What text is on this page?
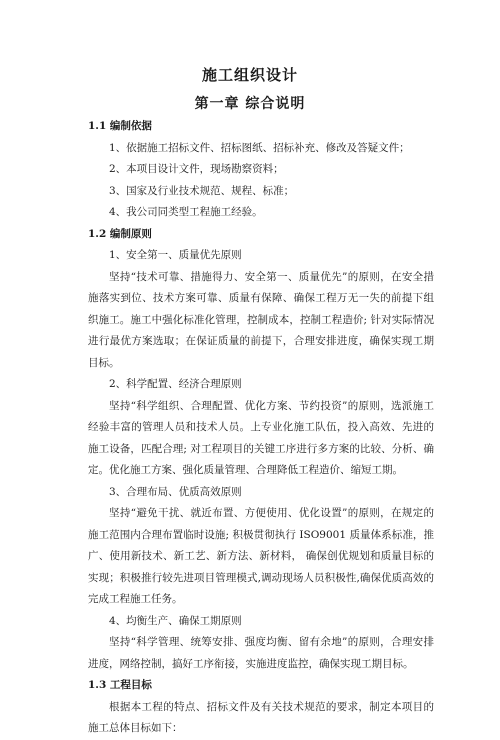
施工组织设计
第一章 综合说明
1.1 编制依据
1、依据施工招标文件、招标图纸、招标补充、修改及答疑文件；
2、本项目设计文件，现场勘察资料；
3、国家及行业技术规范、规程、标准；
4、我公司同类型工程施工经验。
1.2 编制原则
1、安全第一、质量优先原则
坚持“技术可靠、措施得力、安全第一、质量优先”的原则，在安全措施落实到位、技术方案可靠、质量有保障、确保工程万无一失的前提下组织施工。施工中强化标准化管理，控制成本，控制工程造价; 针对实际情况进行最优方案选取；在保证质量的前提下，合理安排进度，确保实现工期目标。
2、科学配置、经济合理原则
坚持“科学组织、合理配置、优化方案、节约投资”的原则，选派施工经验丰富的管理人员和技术人员。上专业化施工队伍，投入高效、先进的施工设备，匹配合理; 对工程项目的关键工序进行多方案的比较、分析、确定。优化施工方案、强化质量管理、合理降低工程造价、缩短工期。
3、合理布局、优质高效原则
坚持“避免干扰、就近布置、方便使用、优化设置”的原则，在规定的施工范围内合理布置临时设施; 积极贯彻执行 ISO9001 质量体系标准，推广、使用新技术、新工艺、新方法、新材料， 确保创优规划和质量目标的实现；积极推行较先进项目管理模式,调动现场人员积极性,确保优质高效的完成工程施工任务。
4、均衡生产、确保工期原则
坚持“科学管理、统筹安排、强度均衡、留有余地”的原则，合理安排进度，网络控制，搞好工序衔接，实施进度监控，确保实现工期目标。
1.3 工程目标
根据本工程的特点、招标文件及有关技术规范的要求，制定本项目的施工总体目标如下：
